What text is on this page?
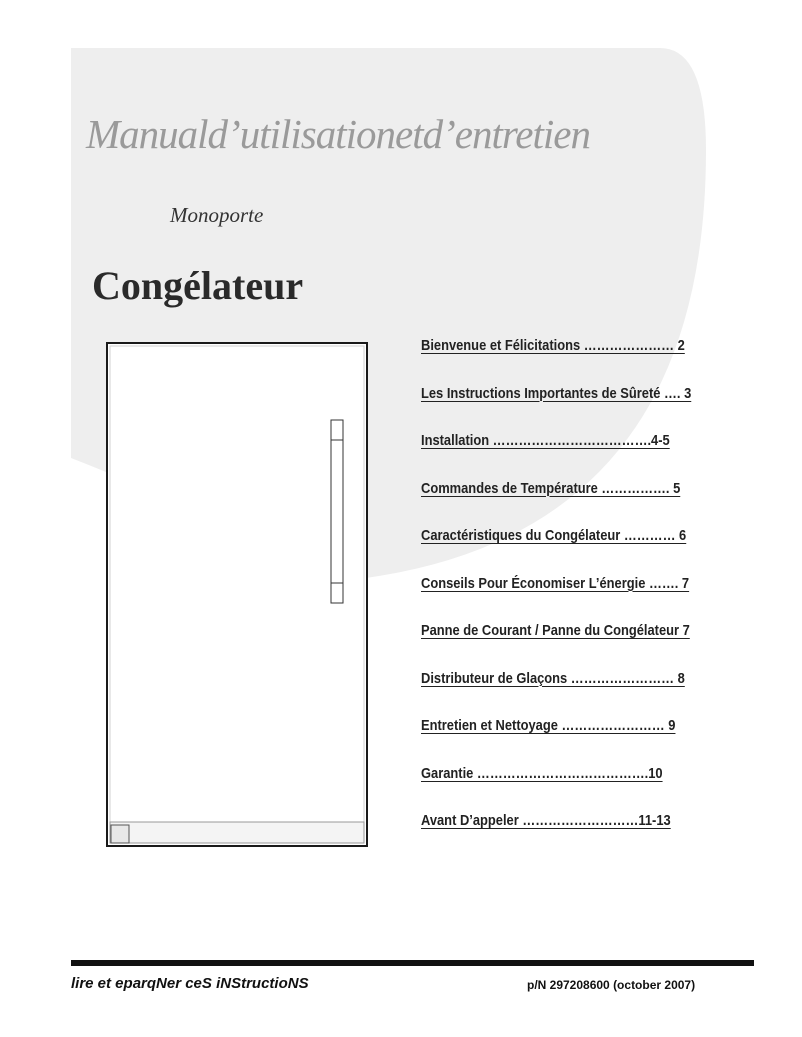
Manuald’utilisationetd’entretien

Monoporte

Congélateur
Bienvenue et Félicitations ………………… 2
Les Instructions Importantes de Sûreté …. 3
Installation ……………………………….4-5
Commandes de Température ……………. 5
Caractéristiques du Congélateur ………… 6
Conseils Pour Économiser L’énergie ……. 7
Panne de Courant / Panne du Congélateur 7
Distributeur de Glaçons …………………… 8
Entretien et Nettoyage …………………… 9
Garantie ………………………………….10
Avant D’appeler ………………………11-13

lire et eparqNer ceS iNStructioNS	p/N 297208600 (october 2007)
